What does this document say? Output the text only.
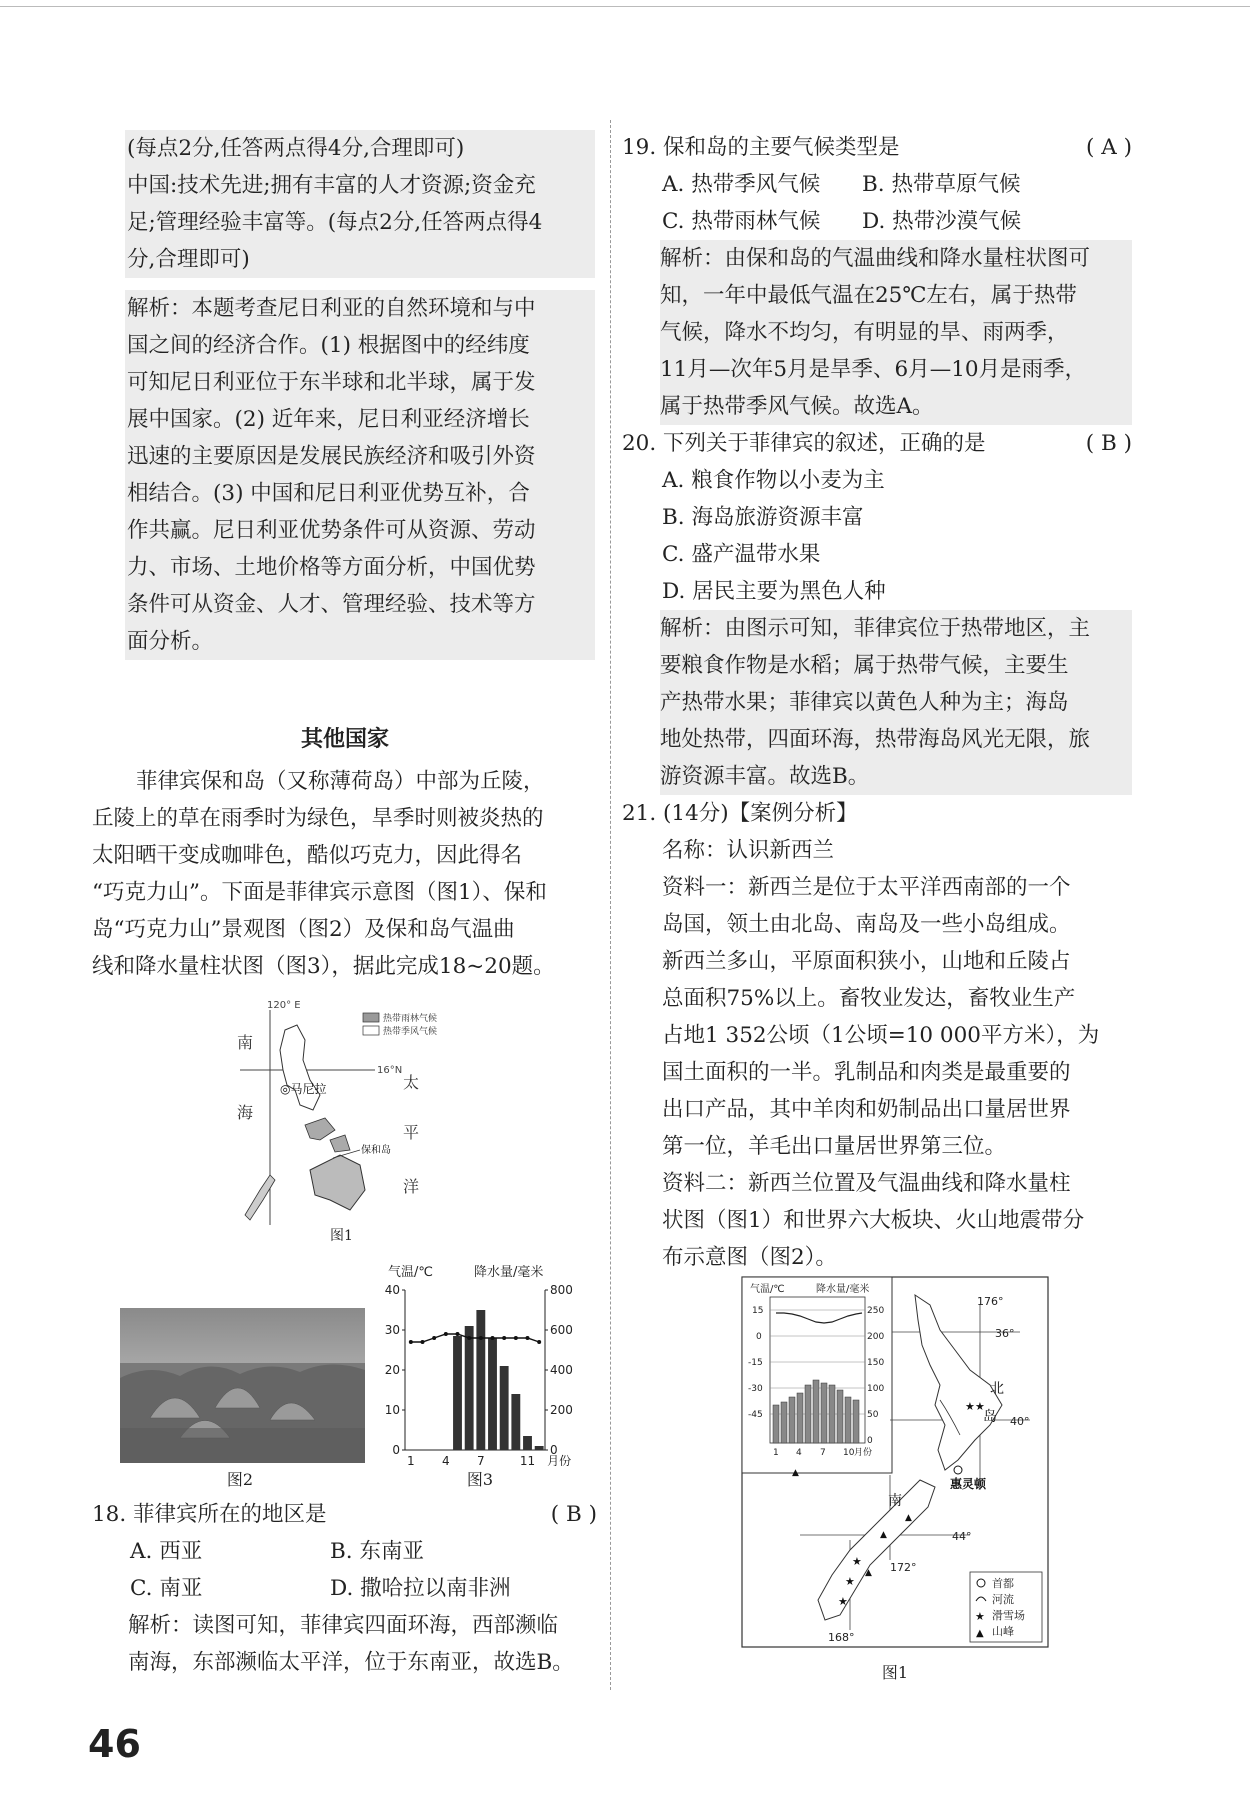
(每点2分,任答两点得4分,合理即可)
中国:技术先进;拥有丰富的人才资源;资金充
足;管理经验丰富等。(每点2分,任答两点得4
分,合理即可)
解析：本题考查尼日利亚的自然环境和与中
国之间的经济合作。(1) 根据图中的经纬度
可知尼日利亚位于东半球和北半球，属于发
展中国家。(2) 近年来，尼日利亚经济增长
迅速的主要原因是发展民族经济和吸引外资
相结合。(3) 中国和尼日利亚优势互补，合
作共赢。尼日利亚优势条件可从资源、劳动
力、市场、土地价格等方面分析，中国优势
条件可从资金、人才、管理经验、技术等方
面分析。
其他国家
菲律宾保和岛（又称薄荷岛）中部为丘陵，
丘陵上的草在雨季时为绿色，旱季时则被炎热的
太阳晒干变成咖啡色，酷似巧克力，因此得名
“巧克力山”。下面是菲律宾示意图（图1）、保和
岛“巧克力山”景观图（图2）及保和岛气温曲
线和降水量柱状图（图3），据此完成18~20题。
120° E
16°N
热带雨林气候
热带季风气候
南
海
太
平
洋
◎马尼拉
保和岛
图1
图2
气温/℃	降水量/毫米
40
30
20
10
0
800
600
400
200
0
1 4 7	11 月份
图3
18. 菲律宾所在的地区是	( B )
A. 西亚	B. 东南亚
C. 南亚	D. 撒哈拉以南非洲
解析：读图可知，菲律宾四面环海，西部濒临
南海，东部濒临太平洋，位于东南亚，故选B。
19. 保和岛的主要气候类型是	( A )
A. 热带季风气候	B. 热带草原气候
C. 热带雨林气候	D. 热带沙漠气候
解析：由保和岛的气温曲线和降水量柱状图可
知，一年中最低气温在25℃左右，属于热带
气候，降水不均匀，有明显的旱、雨两季，
11月—次年5月是旱季、6月—10月是雨季，
属于热带季风气候。故选A。
20. 下列关于菲律宾的叙述，正确的是	( B )
A. 粮食作物以小麦为主
B. 海岛旅游资源丰富
C. 盛产温带水果
D. 居民主要为黑色人种
解析：由图示可知，菲律宾位于热带地区，主
要粮食作物是水稻；属于热带气候，主要生
产热带水果；菲律宾以黄色人种为主；海岛
地处热带，四面环海，热带海岛风光无限，旅
游资源丰富。故选B。
21. (14分)【案例分析】
名称：认识新西兰
资料一：新西兰是位于太平洋西南部的一个
岛国，领土由北岛、南岛及一些小岛组成。
新西兰多山，平原面积狭小，山地和丘陵占
总面积75%以上。畜牧业发达，畜牧业生产
占地1 352公顷（1公顷=10 000平方米），为
国土面积的一半。乳制品和肉类是最重要的
出口产品，其中羊肉和奶制品出口量居世界
第一位，羊毛出口量居世界第三位。
资料二：新西兰位置及气温曲线和降水量柱
状图（图1）和世界六大板块、火山地震带分
布示意图（图2）。
气温/℃	降水量/毫米
15
0
-15
-30
-45
250
200
150
100
50
0
1 4 7 10 月份
176°
36°
40°
44°
172°
168°
北
岛
南
惠灵顿
★ ★
★
★
★
▲
▲
▲
▲
首都
河流
★ 滑雪场
▲ 山峰
图1
46
